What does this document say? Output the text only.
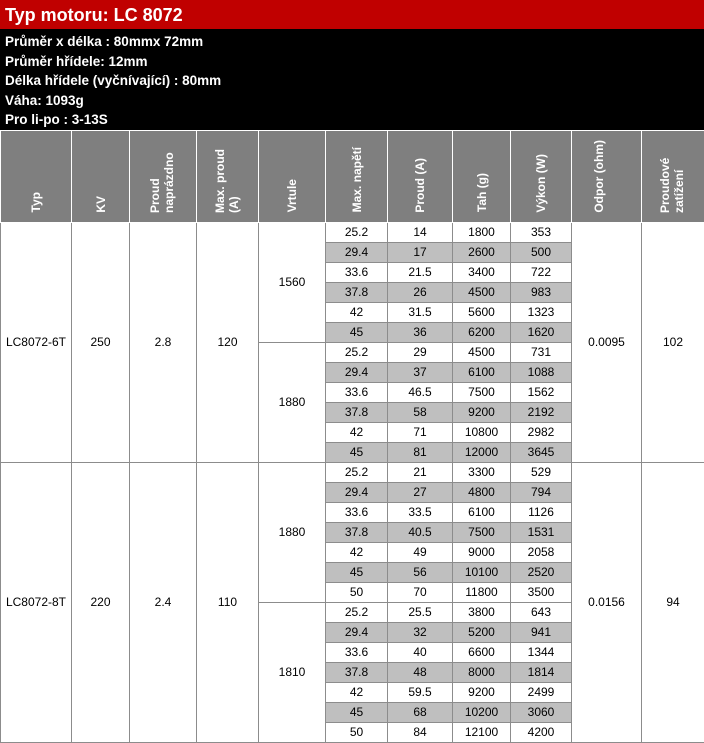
Typ motoru: LC 8072
Průměr x délka : 80mmx 72mm
Průměr hřídele: 12mm
Délka hřídele (vyčnívající) : 80mm
Váha: 1093g
Pro li-po : 3-13S
Typ	KV	Proud naprázdno	Max. proud (A)	Vrtule	Max. napětí	Proud (A)	Tah (g)	Výkon (W)	Odpor (ohm)	Proudové zatížení
LC8072-6T	250	2.8	120	1560	25.2	14	1800	353	0.0095	102
					29.4	17	2600	500		
					33.6	21.5	3400	722		
					37.8	26	4500	983		
					42	31.5	5600	1323		
					45	36	6200	1620		
				1880	25.2	29	4500	731		
					29.4	37	6100	1088		
					33.6	46.5	7500	1562		
					37.8	58	9200	2192		
					42	71	10800	2982		
					45	81	12000	3645		
LC8072-8T	220	2.4	110	1880	25.2	21	3300	529	0.0156	94
					29.4	27	4800	794		
					33.6	33.5	6100	1126		
					37.8	40.5	7500	1531		
					42	49	9000	2058		
					45	56	10100	2520		
					50	70	11800	3500		
				1810	25.2	25.5	3800	643		
					29.4	32	5200	941		
					33.6	40	6600	1344		
					37.8	48	8000	1814		
					42	59.5	9200	2499		
					45	68	10200	3060		
					50	84	12100	4200		
